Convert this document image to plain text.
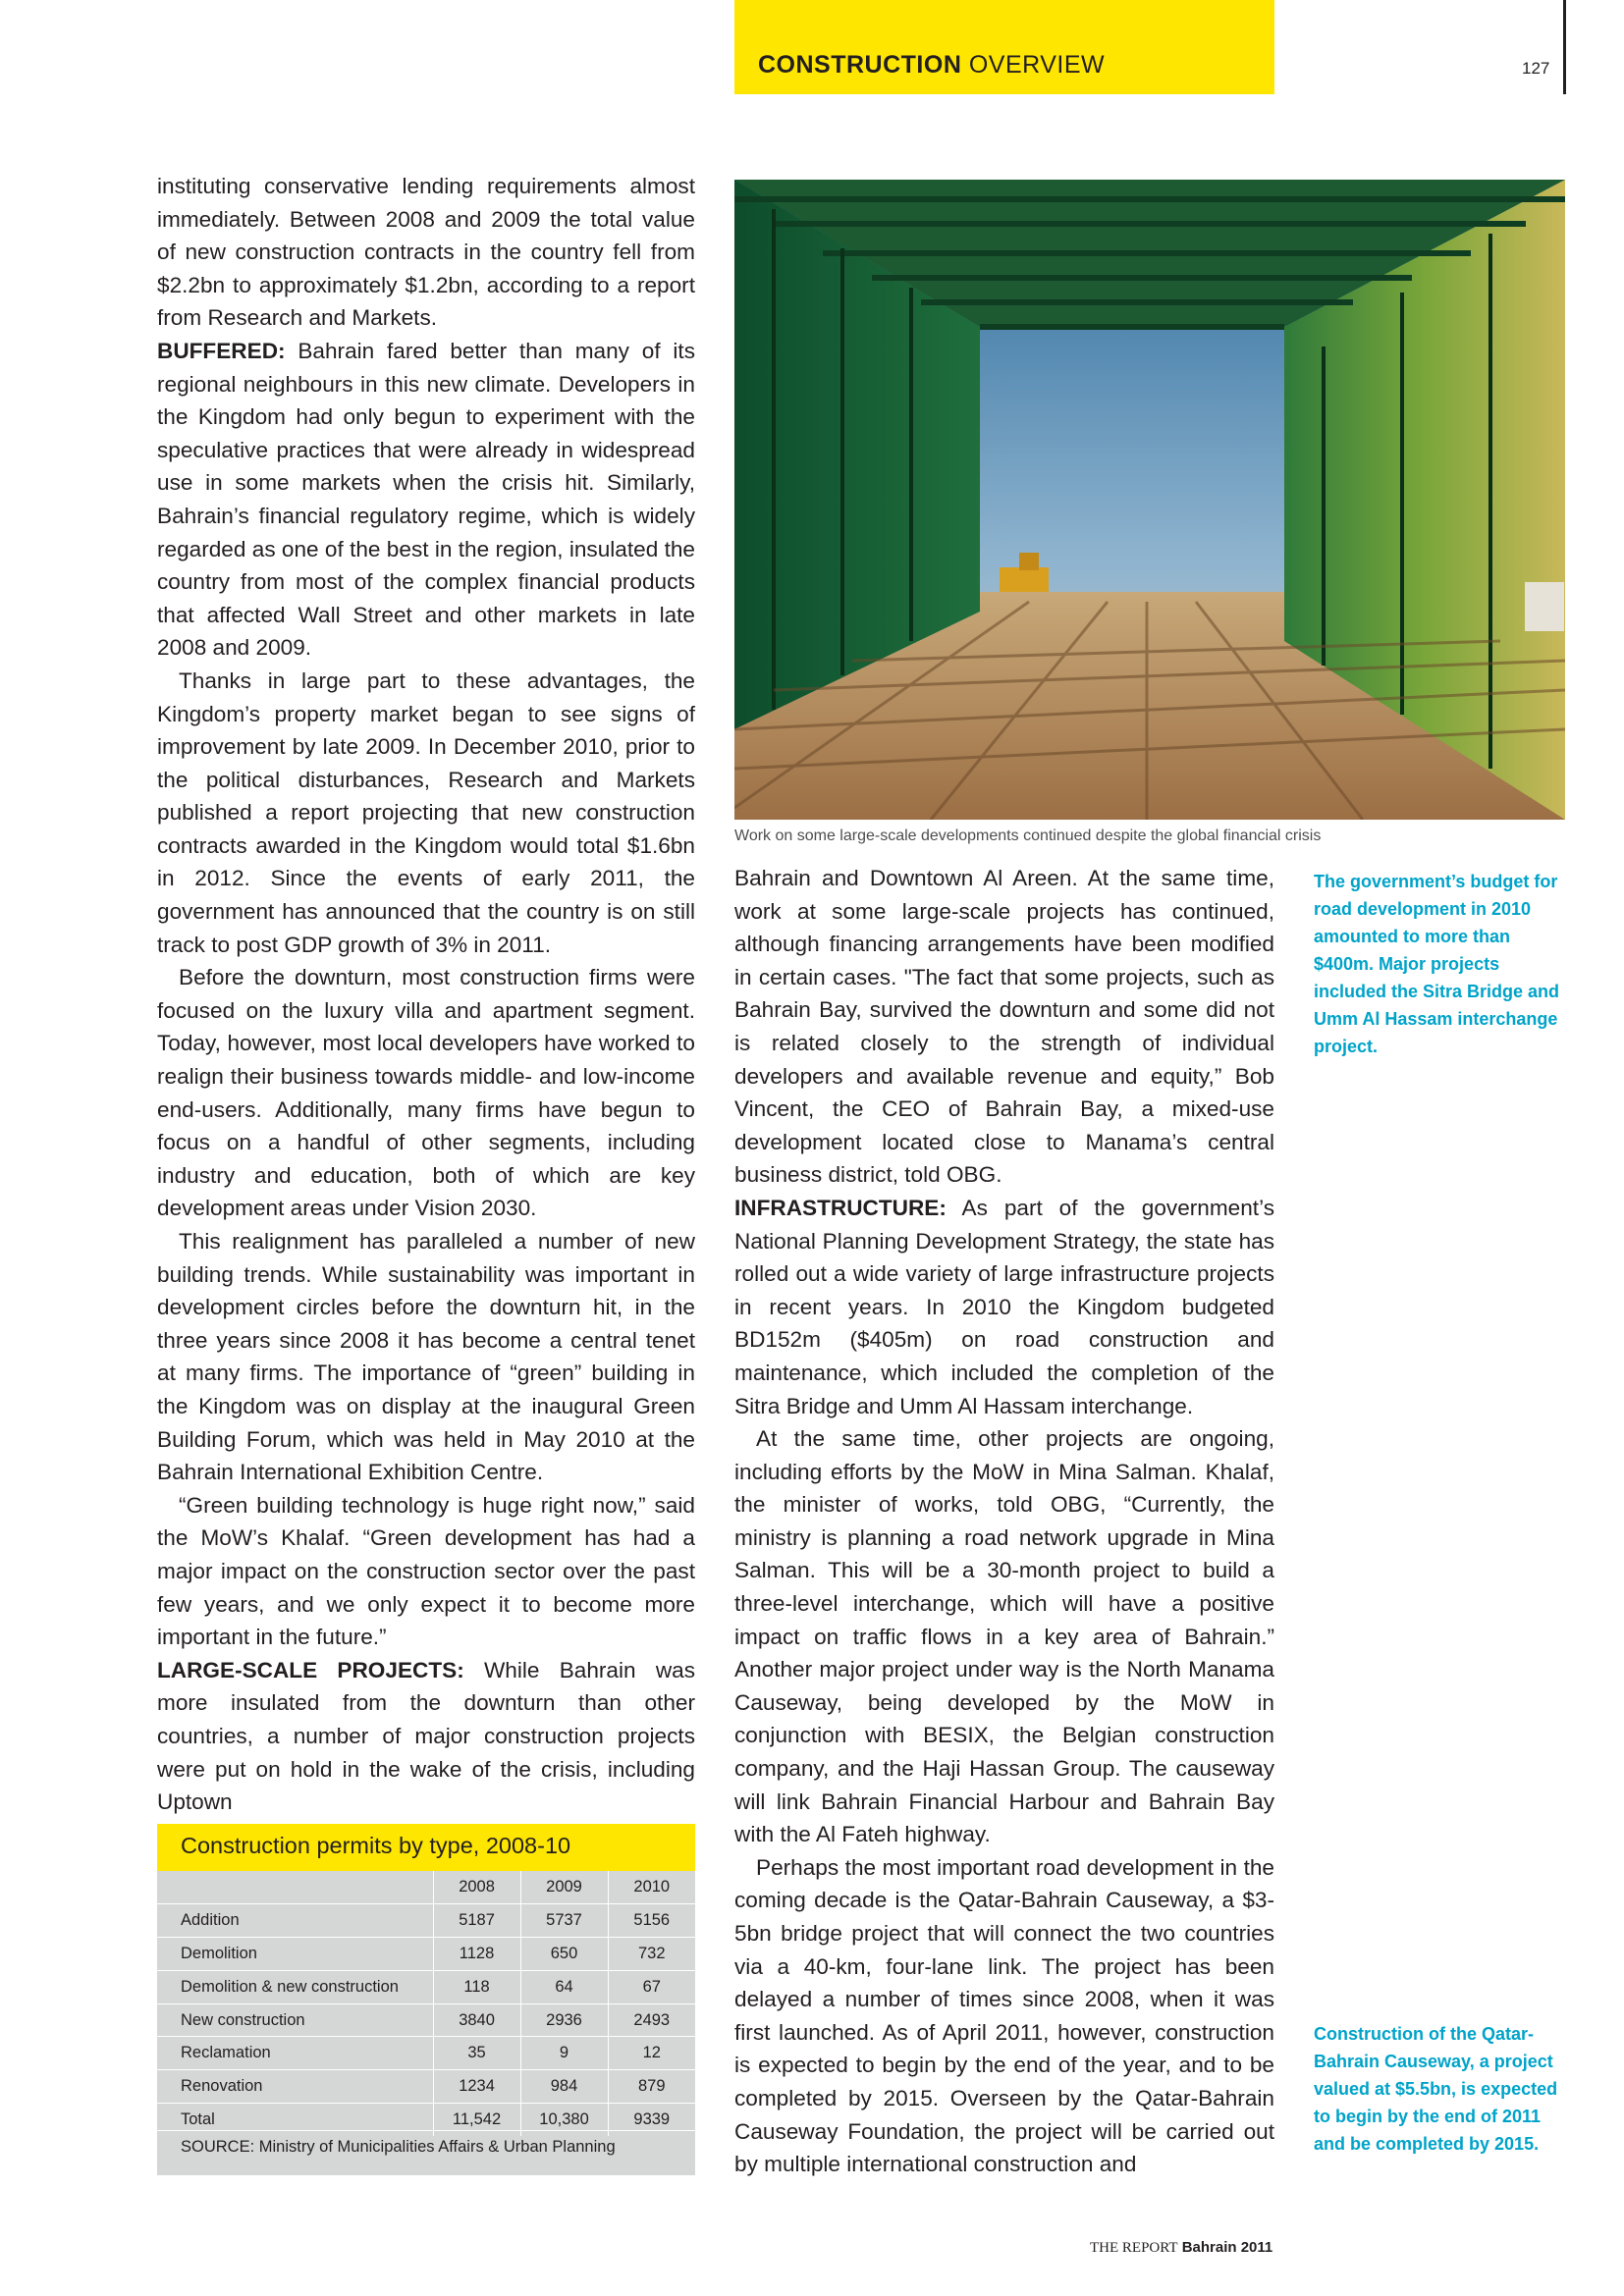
CONSTRUCTION OVERVIEW	127

instituting conservative lending requirements almost immediately. Between 2008 and 2009 the total value of new construction contracts in the country fell from $2.2bn to approximately $1.2bn, according to a report from Research and Markets.

BUFFERED: Bahrain fared better than many of its regional neighbours in this new climate. Developers in the Kingdom had only begun to experiment with the speculative practices that were already in widespread use in some markets when the crisis hit. Similarly, Bahrain’s financial regulatory regime, which is widely regarded as one of the best in the region, insulated the country from most of the complex financial products that affected Wall Street and other markets in late 2008 and 2009.

Thanks in large part to these advantages, the Kingdom’s property market began to see signs of improvement by late 2009. In December 2010, prior to the political disturbances, Research and Markets published a report projecting that new construction contracts awarded in the Kingdom would total $1.6bn in 2012. Since the events of early 2011, the government has announced that the country is on still track to post GDP growth of 3% in 2011.

Before the downturn, most construction firms were focused on the luxury villa and apartment segment. Today, however, most local developers have worked to realign their business towards middle- and low-income end-users. Additionally, many firms have begun to focus on a handful of other segments, including industry and education, both of which are key development areas under Vision 2030.

This realignment has paralleled a number of new building trends. While sustainability was important in development circles before the downturn hit, in the three years since 2008 it has become a central tenet at many firms. The importance of “green” building in the Kingdom was on display at the inaugural Green Building Forum, which was held in May 2010 at the Bahrain International Exhibition Centre.

“Green building technology is huge right now,” said the MoW’s Khalaf. “Green development has had a major impact on the construction sector over the past few years, and we only expect it to become more important in the future.”

LARGE-SCALE PROJECTS: While Bahrain was more insulated from the downturn than other countries, a number of major construction projects were put on hold in the wake of the crisis, including Uptown

Work on some large-scale developments continued despite the global financial crisis

Bahrain and Downtown Al Areen. At the same time, work at some large-scale projects has continued, although financing arrangements have been modified in certain cases. "The fact that some projects, such as Bahrain Bay, survived the downturn and some did not is related closely to the strength of individual developers and available revenue and equity,” Bob Vincent, the CEO of Bahrain Bay, a mixed-use development located close to Manama’s central business district, told OBG.

INFRASTRUCTURE: As part of the government’s National Planning Development Strategy, the state has rolled out a wide variety of large infrastructure projects in recent years. In 2010 the Kingdom budgeted BD152m ($405m) on road construction and maintenance, which included the completion of the Sitra Bridge and Umm Al Hassam interchange.

At the same time, other projects are ongoing, including efforts by the MoW in Mina Salman. Khalaf, the minister of works, told OBG, “Currently, the ministry is planning a road network upgrade in Mina Salman. This will be a 30-month project to build a three-level interchange, which will have a positive impact on traffic flows in a key area of Bahrain.” Another major project under way is the North Manama Causeway, being developed by the MoW in conjunction with BESIX, the Belgian construction company, and the Haji Hassan Group. The causeway will link Bahrain Financial Harbour and Bahrain Bay with the Al Fateh highway.

Perhaps the most important road development in the coming decade is the Qatar-Bahrain Causeway, a $3-5bn bridge project that will connect the two countries via a 40-km, four-lane link. The project has been delayed a number of times since 2008, when it was first launched. As of April 2011, however, construction is expected to begin by the end of the year, and to be completed by 2015. Overseen by the Qatar-Bahrain Causeway Foundation, the project will be carried out by multiple international construction and

The government’s budget for road development in 2010 amounted to more than $400m. Major projects included the Sitra Bridge and Umm Al Hassam interchange project.
Construction of the Qatar-Bahrain Causeway, a project valued at $5.5bn, is expected to begin by the end of 2011 and be completed by 2015.
Construction permits by type, 2008-10
	2008	2009	2010
Addition	5187	5737	5156
Demolition	1128	650	732
Demolition & new construction	118	64	67
New construction	3840	2936	2493
Reclamation	35	9	12
Renovation	1234	984	879
Total	11,542	10,380	9339
SOURCE: Ministry of Municipalities Affairs & Urban Planning
THE REPORT Bahrain 2011
